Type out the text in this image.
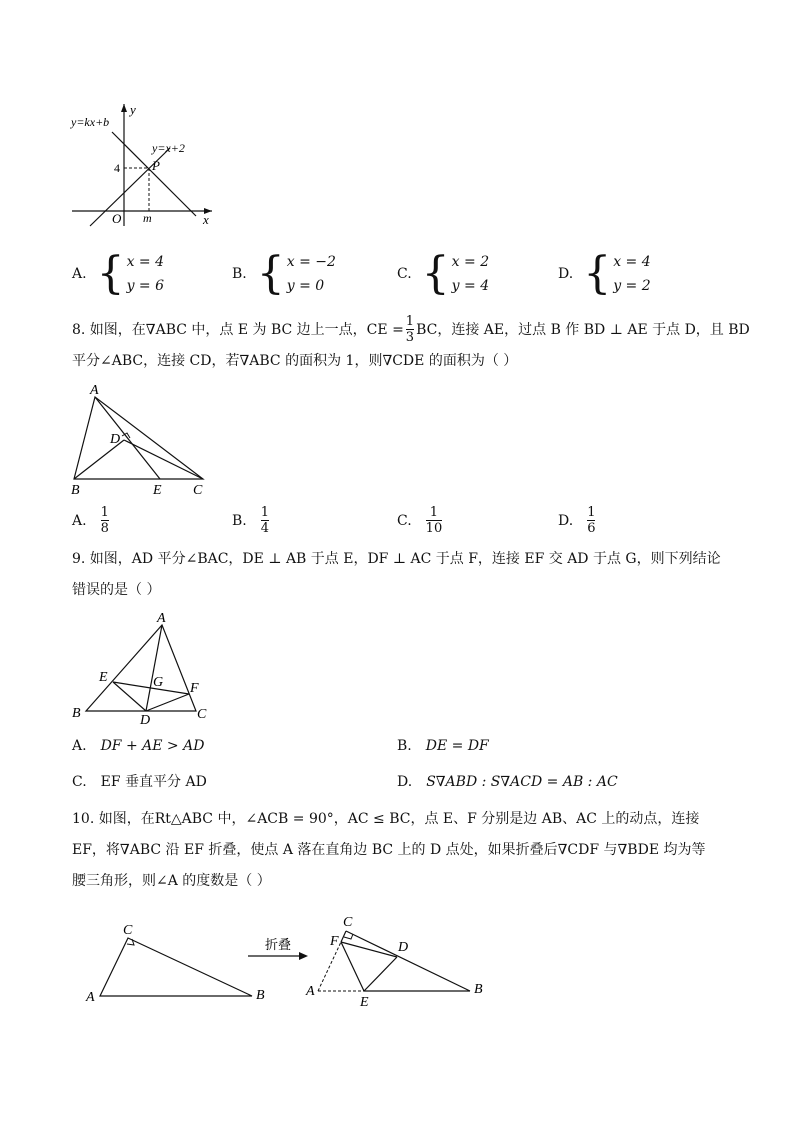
y
x
O
y=kx+b
y=x+2
P
4
m
A. { x = 4
y = 6
B. { x = −2
y = 0
C. { x = 2
y = 4
D. { x = 4
y = 2
8. 如图，在∇ABC 中，点 E 为 BC 边上一点，CE = $\frac{1}{3}$ BC，连接 AE，过点 B 作 BD ⊥ AE 于点 D，且 BD
平分∠ABC，连接 CD，若∇ABC 的面积为 1，则∇CDE 的面积为（ ）
A
B	C
D
E
A. $\frac{1}{8}$	B. $\frac{1}{4}$	C. $\frac{1}{10}$	D. $\frac{1}{6}$
9. 如图，AD 平分∠BAC，DE ⊥ AB 于点 E，DF ⊥ AC 于点 F，连接 EF 交 AD 于点 G，则下列结论
错误的是（ ）
A
B	C
D
E
F
G
A. DF + AE > AD	B. DE = DF
C. EF 垂直平分 AD	D. S∇ABD : S∇ACD = AB : AC
10. 如图，在Rt△ABC 中，∠ACB = 90°，AC ≤ BC，点 E、F 分别是边 AB、AC 上的动点，连接
EF，将∇ABC 沿 EF 折叠，使点 A 落在直角边 BC 上的 D 点处，如果折叠后∇CDF 与∇BDE 均为等
腰三角形，则∠A 的度数是（ ）
A	B
C
折叠
A	B
C
D
E
F
